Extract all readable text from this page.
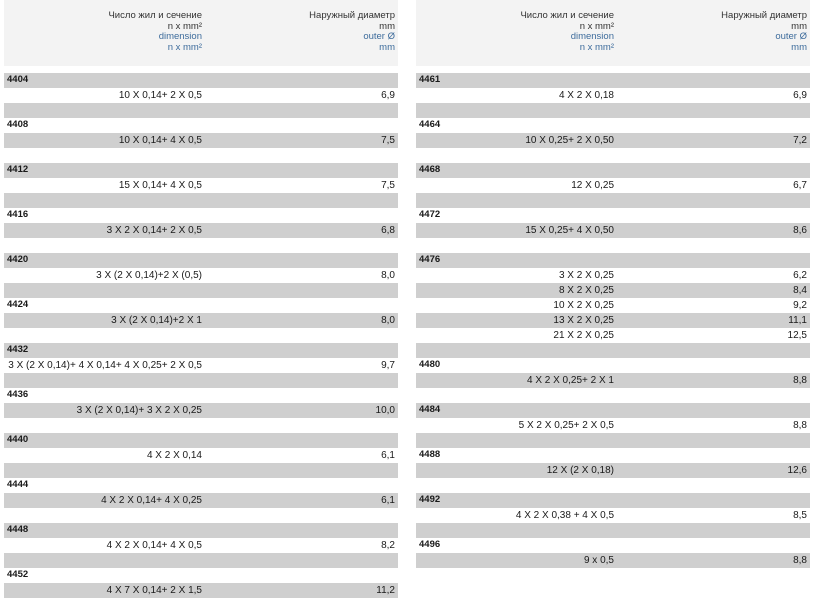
Число жил и сечение
n x mm²
dimension
n x mm²
Наружный диаметр
mm
outer Ø
mm
4404
10 X 0,14+ 2 X 0,5	6,9
4408
10 X 0,14+ 4 X 0,5	7,5
4412
15 X 0,14+ 4 X 0,5	7,5
4416
3 X 2 X 0,14+ 2 X 0,5	6,8
4420
3 X (2 X 0,14)+2 X (0,5)	8,0
4424
3 X (2 X 0,14)+2 X 1	8,0
4432
3 X (2 X 0,14)+ 4 X 0,14+ 4 X 0,25+ 2 X 0,5	9,7
4436
3 X (2 X 0,14)+ 3 X 2 X 0,25	10,0
4440
4 X 2 X 0,14	6,1
4444
4 X 2 X 0,14+ 4 X 0,25	6,1
4448
4 X 2 X 0,14+ 4 X 0,5	8,2
4452
4 X 7 X 0,14+ 2 X 1,5	11,2
Число жил и сечение
n x mm²
dimension
n x mm²
Наружный диаметр
mm
outer Ø
mm
4461
4 X 2 X 0,18	6,9
4464
10 X 0,25+ 2 X 0,50	7,2
4468
12 X 0,25	6,7
4472
15 X 0,25+ 4 X 0,50	8,6
4476
3 X 2 X 0,25	6,2
8 X 2 X 0,25	8,4
10 X 2 X 0,25	9,2
13 X 2 X 0,25	11,1
21 X 2 X 0,25	12,5
4480
4 X 2 X 0,25+ 2 X 1	8,8
4484
5 X 2 X 0,25+ 2 X 0,5	8,8
4488
12 X (2 X 0,18)	12,6
4492
4 X 2 X 0,38 + 4 X 0,5	8,5
4496
9 x 0,5	8,8
